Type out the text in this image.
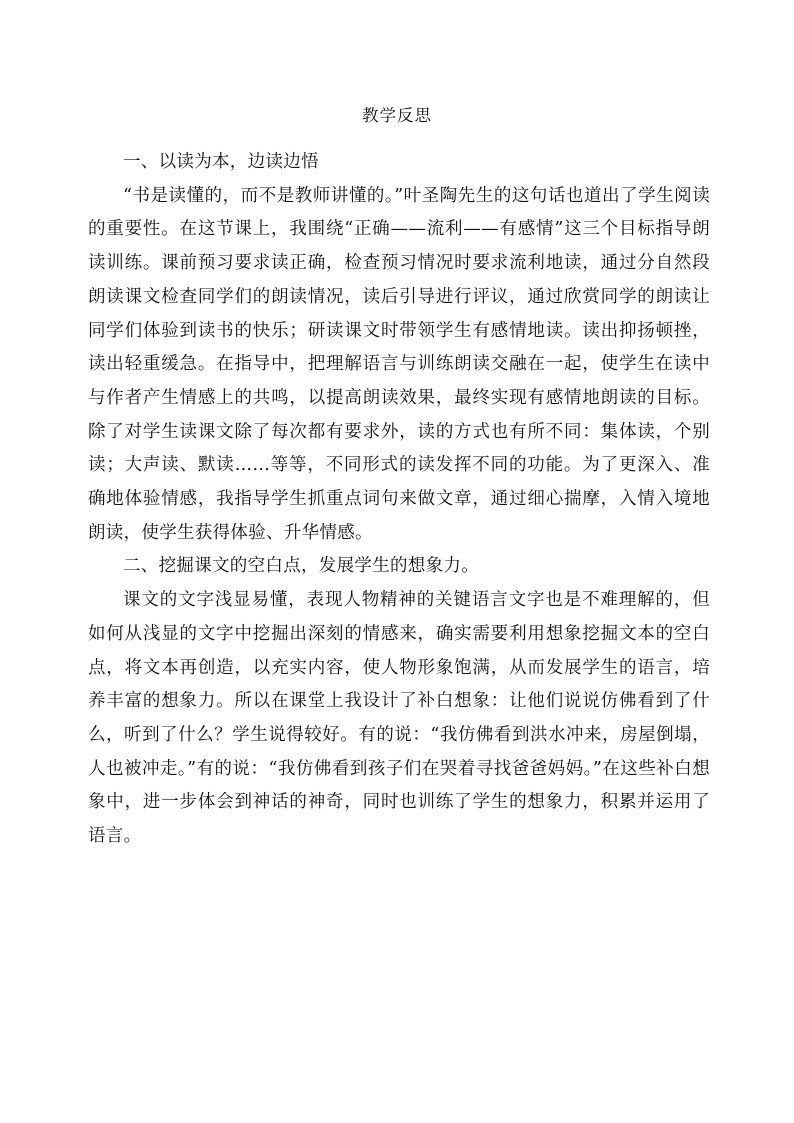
教学反思

一、以读为本，边读边悟

“书是读懂的，而不是教师讲懂的。”叶圣陶先生的这句话也道出了学生阅读的重要性。在这节课上，我围绕“正确——流利——有感情”这三个目标指导朗读训练。课前预习要求读正确，检查预习情况时要求流利地读，通过分自然段朗读课文检查同学们的朗读情况，读后引导进行评议，通过欣赏同学的朗读让同学们体验到读书的快乐；研读课文时带领学生有感情地读。读出抑扬顿挫，读出轻重缓急。在指导中，把理解语言与训练朗读交融在一起，使学生在读中与作者产生情感上的共鸣，以提高朗读效果，最终实现有感情地朗读的目标。除了对学生读课文除了每次都有要求外，读的方式也有所不同：集体读，个别读；大声读、默读……等等，不同形式的读发挥不同的功能。为了更深入、准确地体验情感，我指导学生抓重点词句来做文章，通过细心揣摩，入情入境地朗读，使学生获得体验、升华情感。

二、挖掘课文的空白点，发展学生的想象力。

课文的文字浅显易懂，表现人物精神的关键语言文字也是不难理解的，但如何从浅显的文字中挖掘出深刻的情感来，确实需要利用想象挖掘文本的空白点，将文本再创造，以充实内容，使人物形象饱满，从而发展学生的语言，培养丰富的想象力。所以在课堂上我设计了补白想象：让他们说说仿佛看到了什么，听到了什么？学生说得较好。有的说：“我仿佛看到洪水冲来，房屋倒塌，人也被冲走。”有的说：“我仿佛看到孩子们在哭着寻找爸爸妈妈。”在这些补白想象中，进一步体会到神话的神奇，同时也训练了学生的想象力，积累并运用了语言。
